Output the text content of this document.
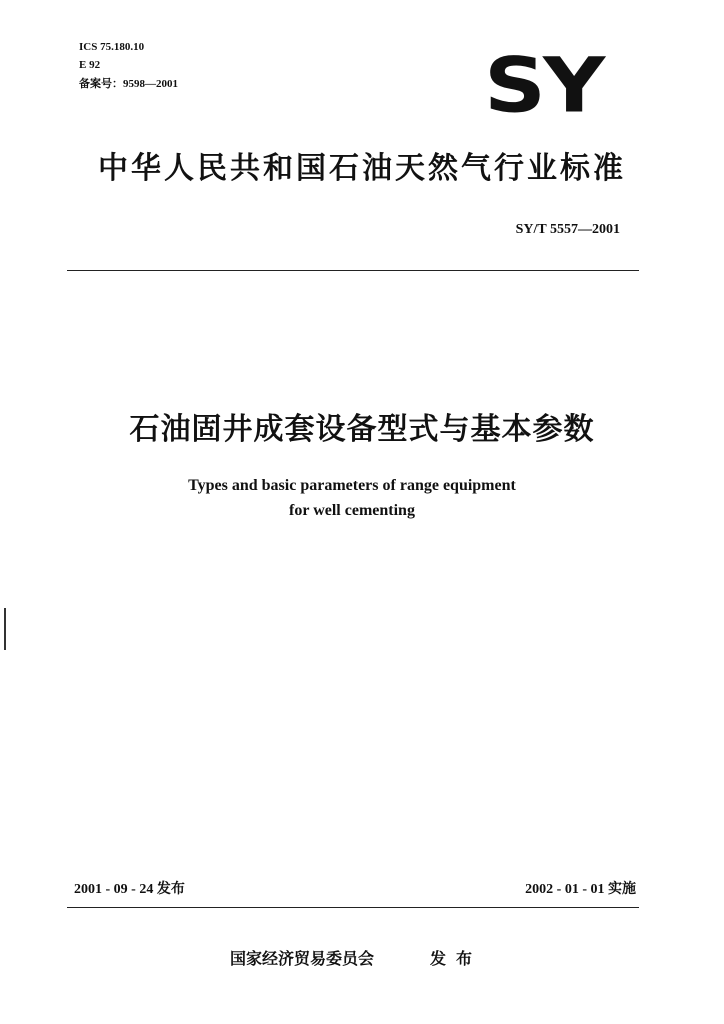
ICS 75.180.10
E 92
备案号：9598—2001	SY
中华人民共和国石油天然气行业标准
SY/T 5557—2001
石油固井成套设备型式与基本参数
Types and basic parameters of range equipment
for well cementing
2001 - 09 - 24 发布	2002 - 01 - 01 实施
国家经济贸易委员会	发布
